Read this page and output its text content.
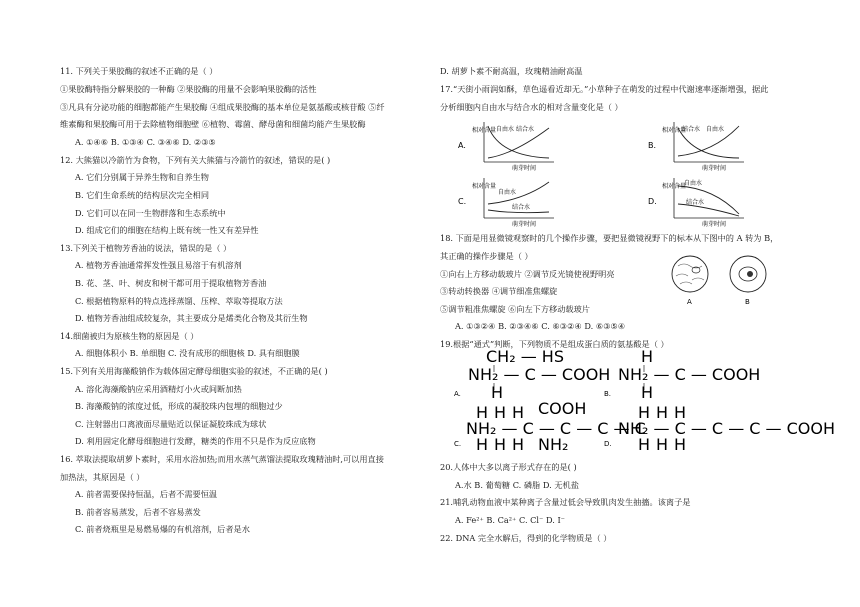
11. 下列关于果胶酶的叙述不正确的是（ ）
①果胶酶特指分解果胶的一种酶 ②果胶酶的用量不会影响果胶酶的活性
③凡具有分泌功能的细胞都能产生果胶酶 ④组成果胶酶的基本单位是氨基酸或核苷酸 ⑤纤
维素酶和果胶酶可用于去除植物细胞壁 ⑥植物、霉菌、酵母菌和细菌均能产生果胶酶
A. ①④⑥ B. ①③④ C. ③④⑥ D. ②③⑤
12. 大熊猫以冷箭竹为食物，下列有关大熊猫与冷箭竹的叙述，错误的是( )
A. 它们分别属于异养生物和自养生物
B. 它们生命系统的结构层次完全相同
D. 它们可以在同一生物群落和生态系统中
D. 组成它们的细胞在结构上既有统一性又有差异性
13.下列关于植物芳香油的说法，错误的是（ ）
A. 植物芳香油通常挥发性强且易溶于有机溶剂
B. 花、茎、叶、树皮和树干都可用于提取植物芳香油
C. 根据植物原料的特点选择蒸馏、压榨、萃取等提取方法
D. 植物芳香油组成较复杂，其主要成分是烯类化合物及其衍生物
14.细菌被归为原核生物的原因是（ ）
A. 细胞体积小 B. 单细胞 C. 没有成形的细胞核 D. 具有细胞膜
15.下列有关用海藻酸钠作为载体固定酵母细胞实验的叙述，不正确的是( )
A. 溶化海藻酸钠应采用酒精灯小火或间断加热
B. 海藻酸钠的浓度过低，形成的凝胶珠内包埋的细胞过少
C. 注射器出口离液面尽量贴近以保证凝胶珠成为球状
D. 利用固定化酵母细胞进行发酵，糖类的作用不只是作为反应底物
16. 萃取法提取胡萝卜素时，采用水浴加热;而用水蒸气蒸馏法提取玫瑰精油时,可以用直接
加热法，其原因是（ ）
A. 前者需要保持恒温，后者不需要恒温
B. 前者容易蒸发，后者不容易蒸发
C. 前者烧瓶里是易燃易爆的有机溶剂，后者是水
D. 胡萝卜素不耐高温，玫瑰精油耐高温
17.“天街小雨润如酥，草色遥看近却无。”小草种子在萌发的过程中代谢速率逐渐增强，据此
分析细胞内自由水与结合水的相对含量变化是（ ）
A.
相对含量
萌芽时间
自由水 结合水
B.
相对含量
萌芽时间
结合水 自由水
C.
相对含量
萌芽时间
自由水
结合水
D.
相对含量
萌芽时间
自由水
结合水
18. 下面是用显微镜观察时的几个操作步骤，要把显微镜视野下的标本从下图中的 A 转为 B，
其正确的操作步骤是（ ）
①向右上方移动载玻片 ②调节反光镜使视野明亮
③转动转换器 ④调节细准焦螺旋
⑤调节粗准焦螺旋 ⑥向左下方移动载玻片
A. ①③②④ B. ②③④⑥ C. ⑥③②④ D. ⑥③⑤④
A	B
19.根据“通式”判断，下列物质不是组成蛋白质的氨基酸是（ ）
A.
CH₂ — HS
NH₂ — C — COOH
H	B.
H
NH₂ — C — COOH
H
C.
COOH
H H H
NH₂ — C — C — C — C
H H H NH₂	D.
H H H
NH₂ — C — C — C — COOH
H H H
20.人体中大多以离子形式存在的是( )
A.水 B. 葡萄糖 C. 磷脂 D. 无机盐
21.哺乳动物血液中某种离子含量过低会导致肌肉发生抽搐。该离子是
A. Fe²⁺ B. Ca²⁺ C. Cl⁻ D. I⁻
22. DNA 完全水解后，得到的化学物质是（ ）
